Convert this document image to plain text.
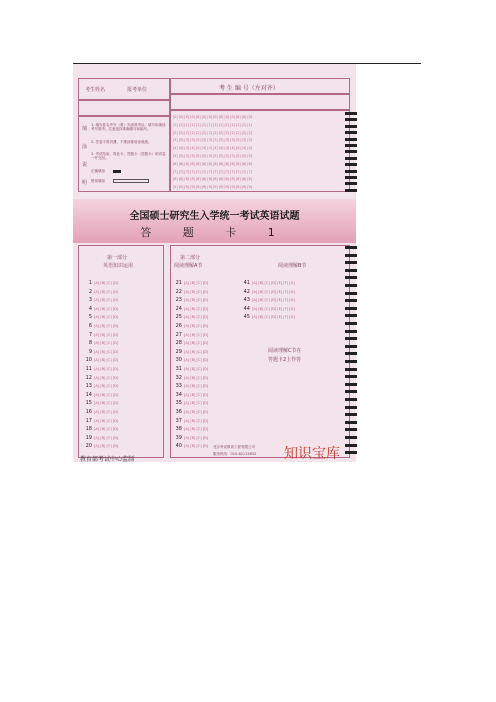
考生姓名	报考单位	考 生 编 号（左对齐）
填
涂
说
明
1. 填写姓名考号（要）先涂准考证、填写和填涂考号准考。注意选择准确填写和编号。
2. 答卷不准折叠，不准涂抹用涂改液。
3. 考试结束，将此卡，答题卡（答题卡）和试卷一并交回。
正确填涂
错误填涂
[0] [0] [0] [0] [0] [0] [0] [0] [0] [0] [0] [0] [0] [0]
[1] [1] [1] [1] [1] [1] [1] [1] [1] [1] [1] [1] [1] [1]
[2] [2] [2] [2] [2] [2] [2] [2] [2] [2] [2] [2] [2] [2]
[3] [3] [3] [3] [3] [3] [3] [3] [3] [3] [3] [3] [3] [3]
[4] [4] [4] [4] [4] [4] [4] [4] [4] [4] [4] [4] [4] [4]
[5] [5] [5] [5] [5] [5] [5] [5] [5] [5] [5] [5] [5] [5]
[6] [6] [6] [6] [6] [6] [6] [6] [6] [6] [6] [6] [6] [6]
[7] [7] [7] [7] [7] [7] [7] [7] [7] [7] [7] [7] [7] [7]
[8] [8] [8] [8] [8] [8] [8] [8] [8] [8] [8] [8] [8] [8]
[9] [9] [9] [9] [9] [9] [9] [9] [9] [9] [9] [9] [9] [9]
第一部分
英语知识运用
1 [A] [B] [C] [D]
2 [A] [B] [C] [D]
3 [A] [B] [C] [D]
4 [A] [B] [C] [D]
5 [A] [B] [C] [D]
6 [A] [B] [C] [D]
7 [A] [B] [C] [D]
8 [A] [B] [C] [D]
9 [A] [B] [C] [D]
10 [A] [B] [C] [D]
11 [A] [B] [C] [D]
12 [A] [B] [C] [D]
13 [A] [B] [C] [D]
14 [A] [B] [C] [D]
15 [A] [B] [C] [D]
16 [A] [B] [C] [D]
17 [A] [B] [C] [D]
18 [A] [B] [C] [D]
19 [A] [B] [C] [D]
20 [A] [B] [C] [D]
第二部分
阅读理解A节	阅读理解B节
21 [A] [B] [C] [D]
22 [A] [B] [C] [D]
23 [A] [B] [C] [D]
24 [A] [B] [C] [D]
25 [A] [B] [C] [D]
26 [A] [B] [C] [D]
27 [A] [B] [C] [D]
28 [A] [B] [C] [D]
29 [A] [B] [C] [D]
30 [A] [B] [C] [D]
31 [A] [B] [C] [D]
32 [A] [B] [C] [D]
33 [A] [B] [C] [D]
34 [A] [B] [C] [D]
35 [A] [B] [C] [D]
36 [A] [B] [C] [D]
37 [A] [B] [C] [D]
38 [A] [B] [C] [D]
39 [A] [B] [C] [D]
40 [A] [B] [C] [D]
41 [A] [B] [C] [D] [E] [F] [G]
42 [A] [B] [C] [D] [E] [F] [G]
43 [A] [B] [C] [D] [E] [F] [G]
44 [A] [B] [C] [D] [E] [F] [G]
45 [A] [B] [C] [D] [E] [F] [G]
阅读理解C节在
答题卡2上作答
教育部考试中心监制
北京考试教育工程有限公司
服务热线：010-62115632
全国硕士研究生入学统一考试英语试题
答 题 卡 1
知识宝库
